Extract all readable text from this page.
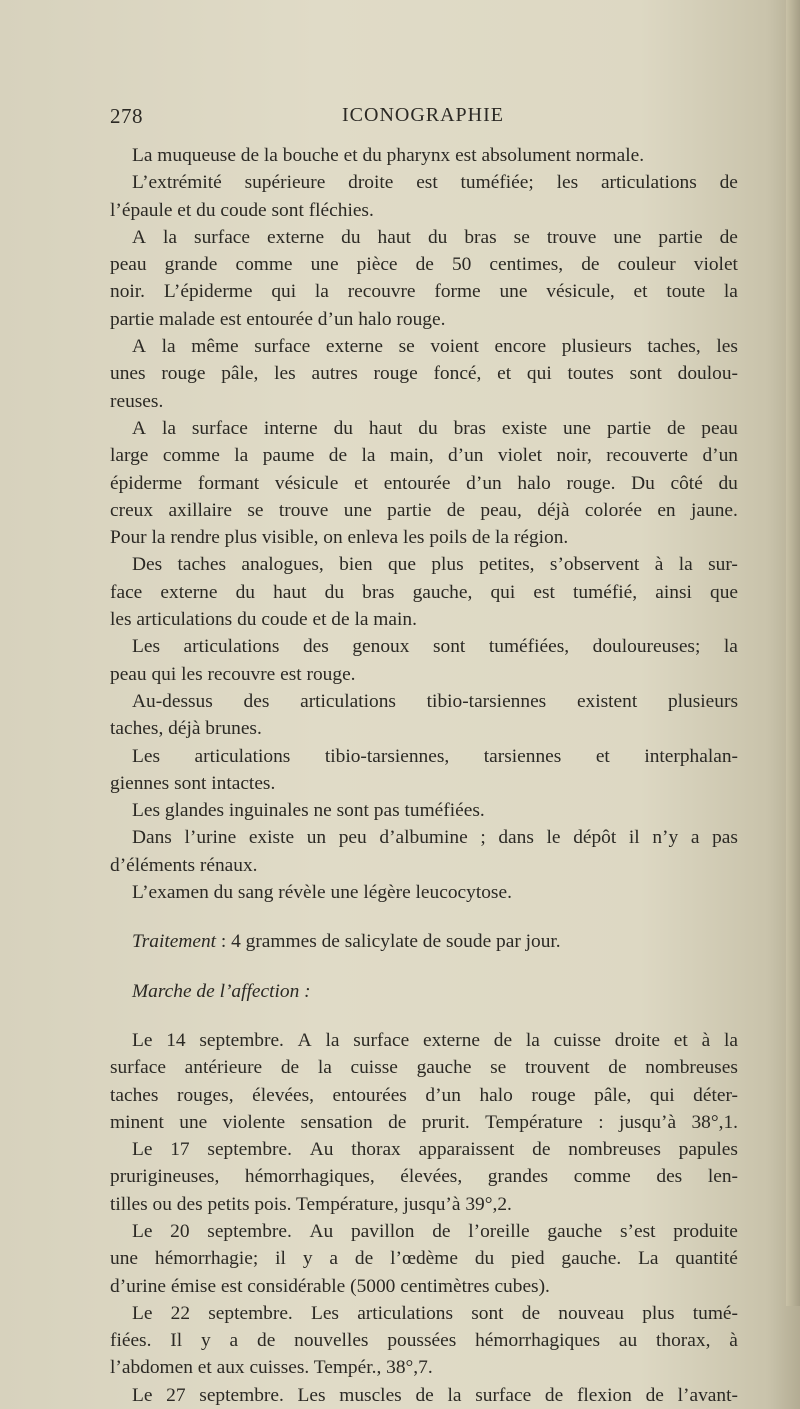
278	ICONOGRAPHIE
La muqueuse de la bouche et du pharynx est absolument normale.
L’extrémité supérieure droite est tuméfiée; les articulations de
l’épaule et du coude sont fléchies.
A la surface externe du haut du bras se trouve une partie de
peau grande comme une pièce de 50 centimes, de couleur violet
noir. L’épiderme qui la recouvre forme une vésicule, et toute la
partie malade est entourée d’un halo rouge.
A la même surface externe se voient encore plusieurs taches, les
unes rouge pâle, les autres rouge foncé, et qui toutes sont doulou-
reuses.
A la surface interne du haut du bras existe une partie de peau
large comme la paume de la main, d’un violet noir, recouverte d’un
épiderme formant vésicule et entourée d’un halo rouge. Du côté du
creux axillaire se trouve une partie de peau, déjà colorée en jaune.
Pour la rendre plus visible, on enleva les poils de la région.
Des taches analogues, bien que plus petites, s’observent à la sur-
face externe du haut du bras gauche, qui est tuméfié, ainsi que
les articulations du coude et de la main.
Les articulations des genoux sont tuméfiées, douloureuses; la
peau qui les recouvre est rouge.
Au-dessus des articulations tibio-tarsiennes existent plusieurs
taches, déjà brunes.
Les articulations tibio-tarsiennes, tarsiennes et interphalan-
giennes sont intactes.
Les glandes inguinales ne sont pas tuméfiées.
Dans l’urine existe un peu d’albumine ; dans le dépôt il n’y a pas
d’éléments rénaux.
L’examen du sang révèle une légère leucocytose.
Traitement : 4 grammes de salicylate de soude par jour.
Marche de l’affection :
Le 14 septembre. A la surface externe de la cuisse droite et à la
surface antérieure de la cuisse gauche se trouvent de nombreuses
taches rouges, élevées, entourées d’un halo rouge pâle, qui déter-
minent une violente sensation de prurit. Température : jusqu’à 38°,1.
Le 17 septembre. Au thorax apparaissent de nombreuses papules
prurigineuses, hémorrhagiques, élevées, grandes comme des len-
tilles ou des petits pois. Température, jusqu’à 39°,2.
Le 20 septembre. Au pavillon de l’oreille gauche s’est produite
une hémorrhagie; il y a de l’œdème du pied gauche. La quantité
d’urine émise est considérable (5000 centimètres cubes).
Le 22 septembre. Les articulations sont de nouveau plus tumé-
fiées. Il y a de nouvelles poussées hémorrhagiques au thorax, à
l’abdomen et aux cuisses. Tempér., 38°,7.
Le 27 septembre. Les muscles de la surface de flexion de l’avant-
